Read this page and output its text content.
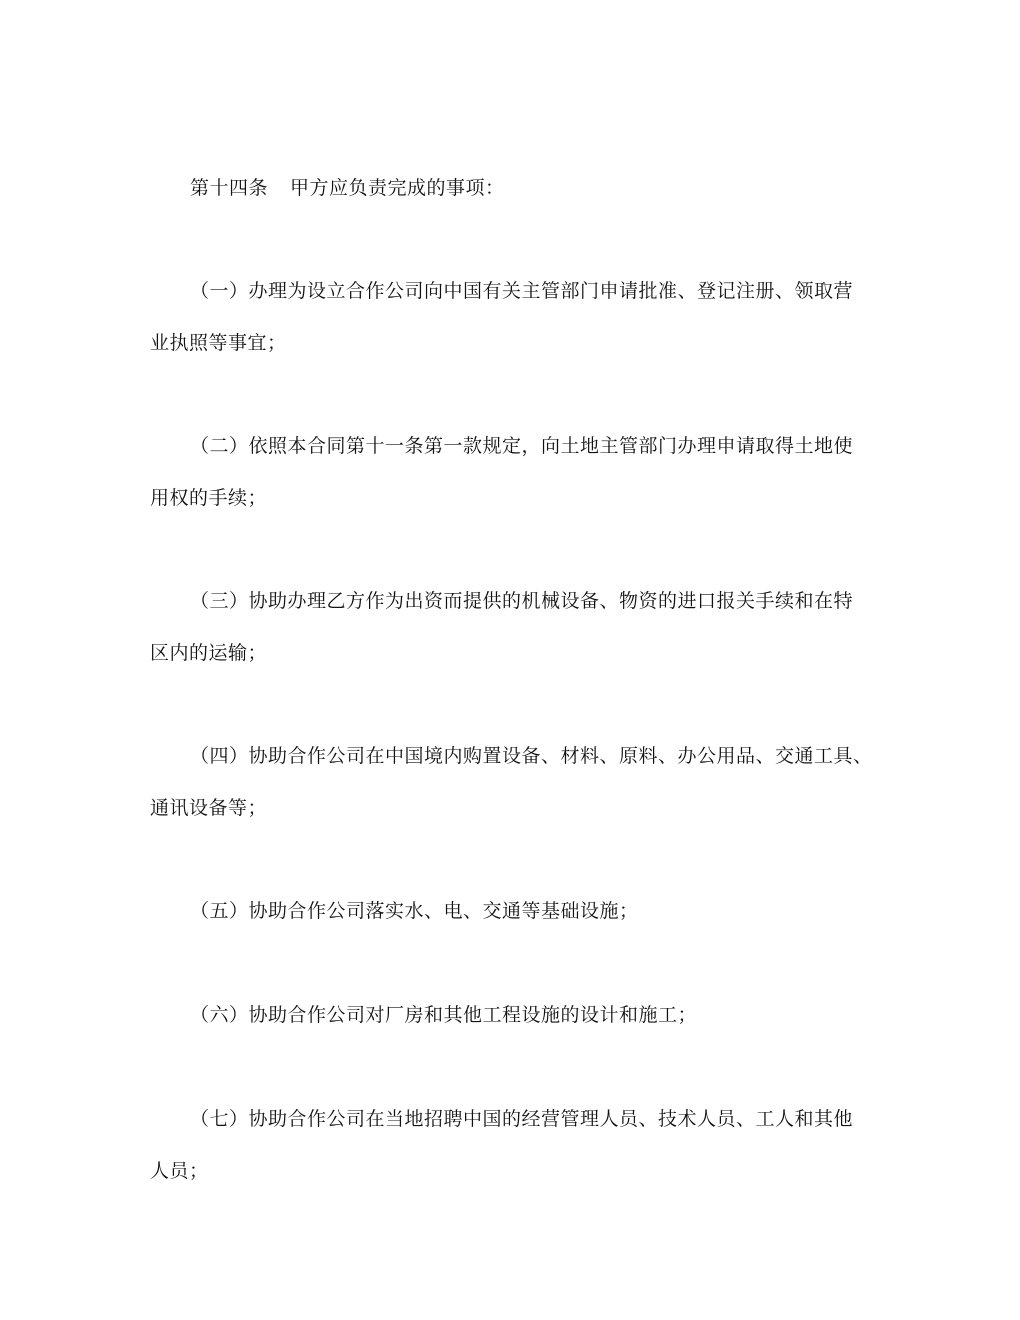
第十四条 甲方应负责完成的事项：
（一）办理为设立合作公司向中国有关主管部门申请批准、登记注册、领取营
业执照等事宜；
（二）依照本合同第十一条第一款规定，向土地主管部门办理申请取得土地使
用权的手续；
（三）协助办理乙方作为出资而提供的机械设备、物资的进口报关手续和在特
区内的运输；
（四）协助合作公司在中国境内购置设备、材料、原料、办公用品、交通工具、
通讯设备等；
（五）协助合作公司落实水、电、交通等基础设施；
（六）协助合作公司对厂房和其他工程设施的设计和施工；
（七）协助合作公司在当地招聘中国的经营管理人员、技术人员、工人和其他
人员；
